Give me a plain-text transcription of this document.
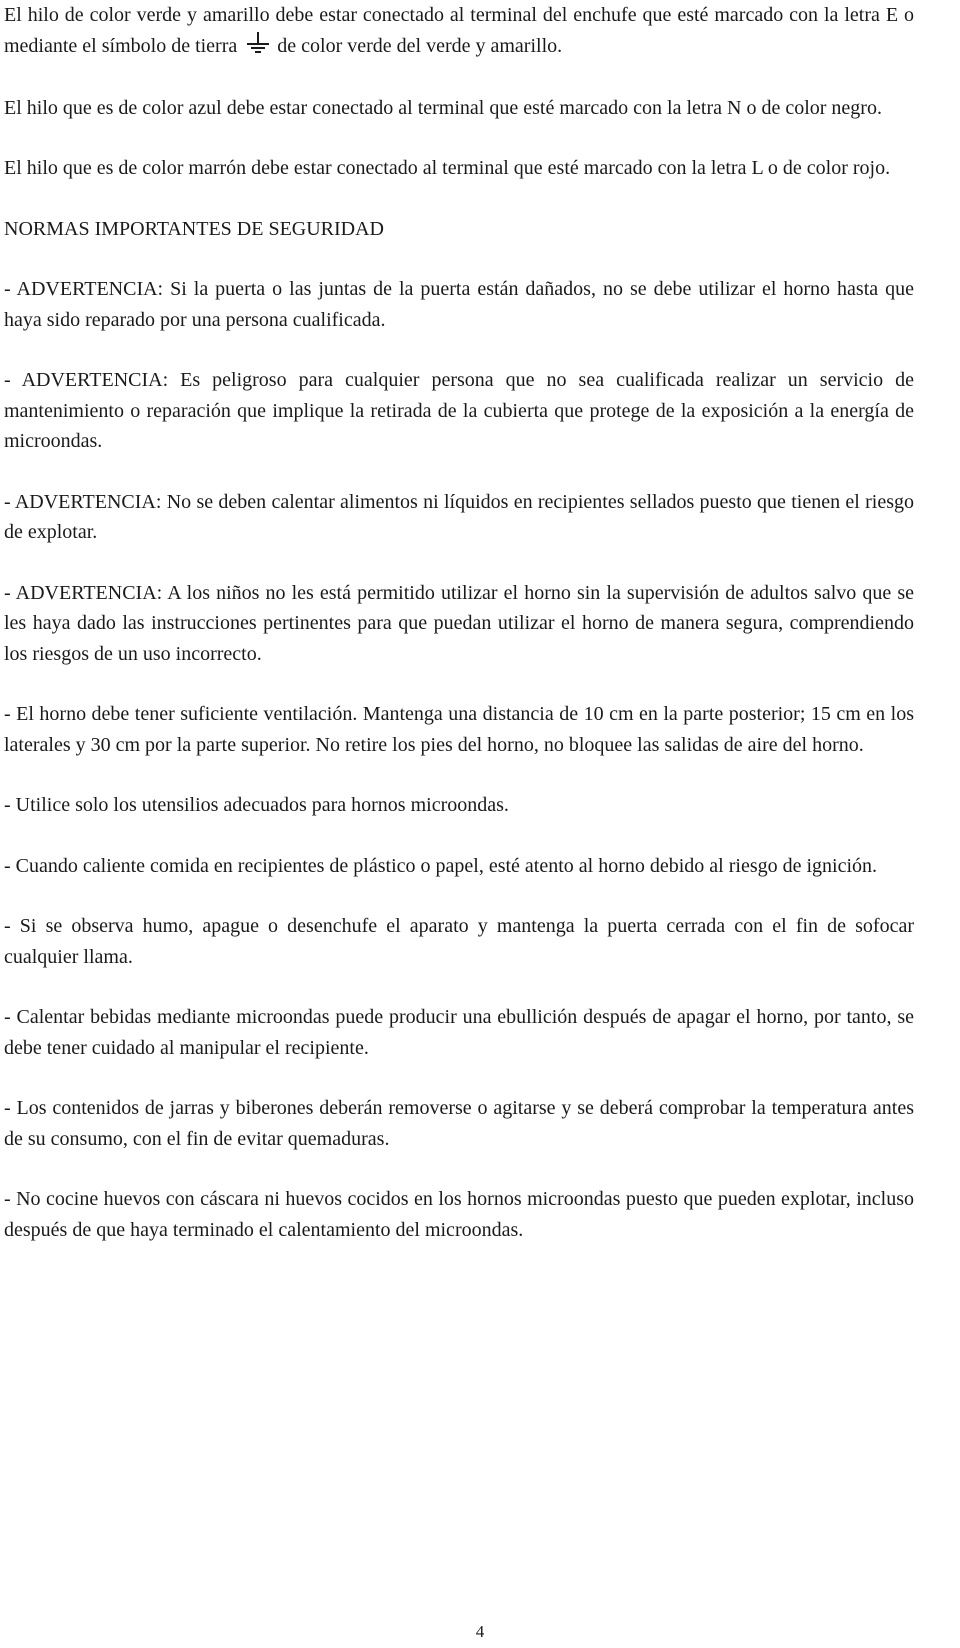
El hilo de color verde y amarillo debe estar conectado al terminal del enchufe que esté marcado con la letra E o mediante el símbolo de tierra  de color verde del verde y amarillo.

El hilo que es de color azul debe estar conectado al terminal que esté marcado con la letra N o de color negro.

El hilo que es de color marrón debe estar conectado al terminal que esté marcado con la letra L o de color rojo.

NORMAS IMPORTANTES DE SEGURIDAD

- ADVERTENCIA: Si la puerta o las juntas de la puerta están dañados, no se debe utilizar el horno hasta que haya sido reparado por una persona cualificada.

- ADVERTENCIA: Es peligroso para cualquier persona que no sea cualificada realizar un servicio de mantenimiento o reparación que implique la retirada de la cubierta que protege de la exposición a la energía de microondas.

- ADVERTENCIA: No se deben calentar alimentos ni líquidos en recipientes sellados puesto que tienen el riesgo de explotar.

- ADVERTENCIA: A los niños no les está permitido utilizar el horno sin la supervisión de adultos salvo que se les haya dado las instrucciones pertinentes para que puedan utilizar el horno de manera segura, comprendiendo los riesgos de un uso incorrecto.

- El horno debe tener suficiente ventilación. Mantenga una distancia de 10 cm en la parte posterior; 15 cm en los laterales y 30 cm por la parte superior. No retire los pies del horno, no bloquee las salidas de aire del horno.

- Utilice solo los utensilios adecuados para hornos microondas.

- Cuando caliente comida en recipientes de plástico o papel, esté atento al horno debido al riesgo de ignición.

- Si se observa humo, apague o desenchufe el aparato y mantenga la puerta cerrada con el fin de sofocar cualquier llama.

- Calentar bebidas mediante microondas puede producir una ebullición después de apagar el horno, por tanto, se debe tener cuidado al manipular el recipiente.

- Los contenidos de jarras y biberones deberán removerse o agitarse y se deberá comprobar la temperatura antes de su consumo, con el fin de evitar quemaduras.

- No cocine huevos con cáscara ni huevos cocidos en los hornos microondas puesto que pueden explotar, incluso después de que haya terminado el calentamiento del microondas.

4
